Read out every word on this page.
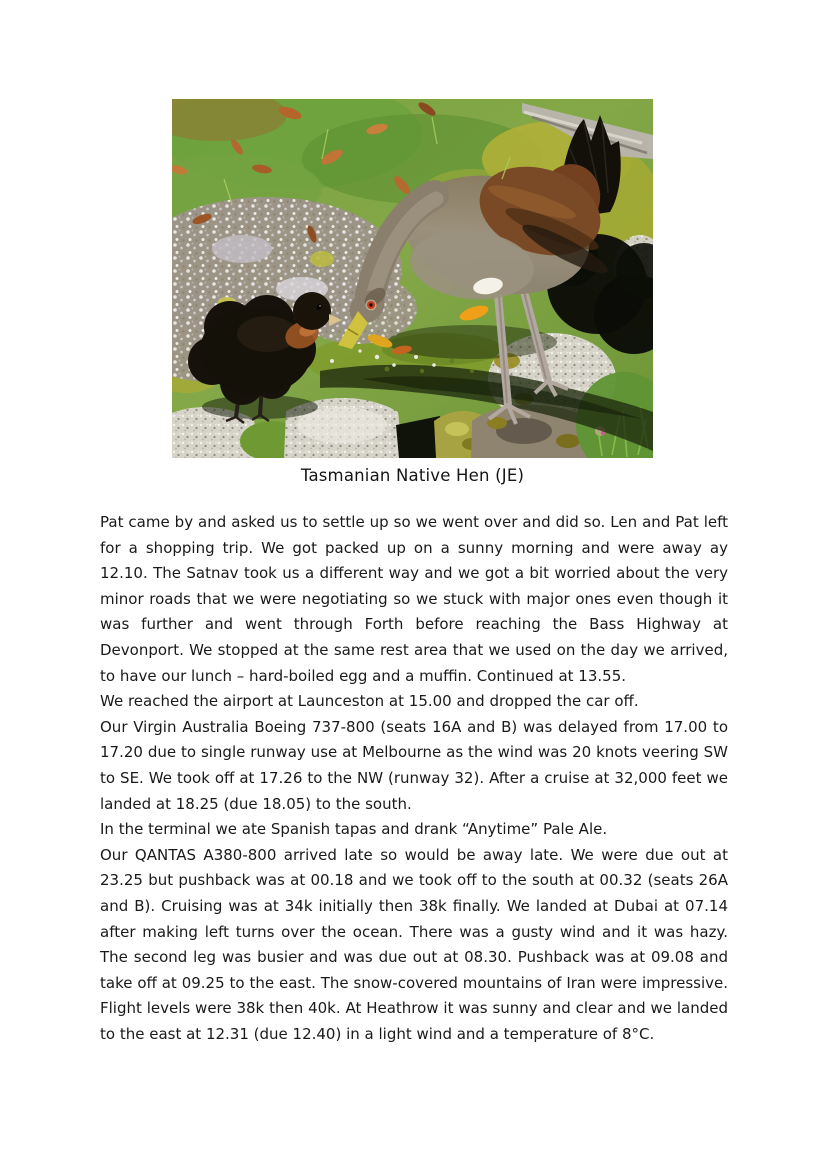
Tasmanian Native Hen (JE)

Pat came by and asked us to settle up so we went over and did so. Len and Pat left for a shopping trip. We got packed up on a sunny morning and were away ay 12.10. The Satnav took us a different way and we got a bit worried about the very minor roads that we were negotiating so we stuck with major ones even though it was further and went through Forth before reaching the Bass Highway at Devonport. We stopped at the same rest area that we used on the day we arrived, to have our lunch – hard-boiled egg and a muffin. Continued at 13.55.

We reached the airport at Launceston at 15.00 and dropped the car off.

Our Virgin Australia Boeing 737-800 (seats 16A and B) was delayed from 17.00 to 17.20 due to single runway use at Melbourne as the wind was 20 knots veering SW to SE. We took off at 17.26 to the NW (runway 32). After a cruise at 32,000 feet we landed at 18.25 (due 18.05) to the south.

In the terminal we ate Spanish tapas and drank “Anytime” Pale Ale.

Our QANTAS A380-800 arrived late so would be away late. We were due out at 23.25 but pushback was at 00.18 and we took off to the south at 00.32 (seats 26A and B). Cruising was at 34k initially then 38k finally. We landed at Dubai at 07.14 after making left turns over the ocean. There was a gusty wind and it was hazy. The second leg was busier and was due out at 08.30. Pushback was at 09.08 and take off at 09.25 to the east. The snow-covered mountains of Iran were impressive. Flight levels were 38k then 40k. At Heathrow it was sunny and clear and we landed to the east at 12.31 (due 12.40) in a light wind and a temperature of 8°C.
